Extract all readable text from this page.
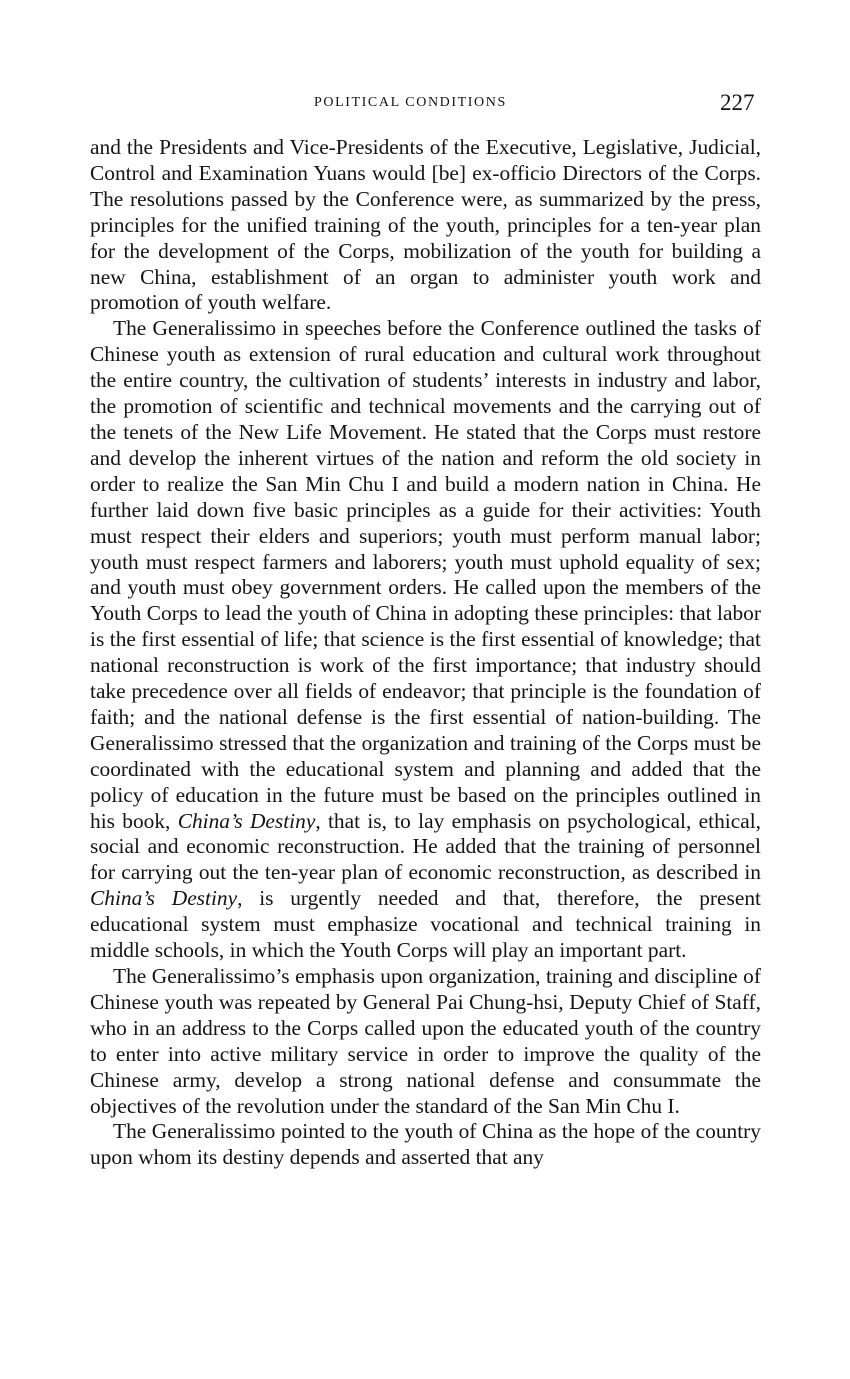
POLITICAL CONDITIONS	227

and the Presidents and Vice-Presidents of the Executive, Legislative, Judicial, Control and Examination Yuans would [be] ex-officio Directors of the Corps. The resolutions passed by the Conference were, as summarized by the press, principles for the unified training of the youth, principles for a ten-year plan for the development of the Corps, mobilization of the youth for building a new China, establishment of an organ to administer youth work and promotion of youth welfare.

The Generalissimo in speeches before the Conference outlined the tasks of Chinese youth as extension of rural education and cultural work throughout the entire country, the cultivation of students’ interests in industry and labor, the promotion of scientific and technical movements and the carrying out of the tenets of the New Life Movement. He stated that the Corps must restore and develop the inherent virtues of the nation and reform the old society in order to realize the San Min Chu I and build a modern nation in China. He further laid down five basic principles as a guide for their activities: Youth must respect their elders and superiors; youth must perform manual labor; youth must respect farmers and laborers; youth must uphold equality of sex; and youth must obey government orders. He called upon the members of the Youth Corps to lead the youth of China in adopting these principles: that labor is the first essential of life; that science is the first essential of knowledge; that national reconstruction is work of the first importance; that industry should take precedence over all fields of endeavor; that principle is the foundation of faith; and the national defense is the first essential of nation-building. The Generalissimo stressed that the organization and training of the Corps must be coordinated with the educational system and planning and added that the policy of education in the future must be based on the principles outlined in his book, China’s Destiny, that is, to lay emphasis on psychological, ethical, social and economic reconstruction. He added that the training of personnel for carrying out the ten-year plan of economic reconstruction, as described in China’s Destiny, is urgently needed and that, therefore, the present educational system must emphasize vocational and technical training in middle schools, in which the Youth Corps will play an important part.

The Generalissimo’s emphasis upon organization, training and discipline of Chinese youth was repeated by General Pai Chung-hsi, Deputy Chief of Staff, who in an address to the Corps called upon the educated youth of the country to enter into active military service in order to improve the quality of the Chinese army, develop a strong national defense and consummate the objectives of the revolution under the standard of the San Min Chu I.

The Generalissimo pointed to the youth of China as the hope of the country upon whom its destiny depends and asserted that any
